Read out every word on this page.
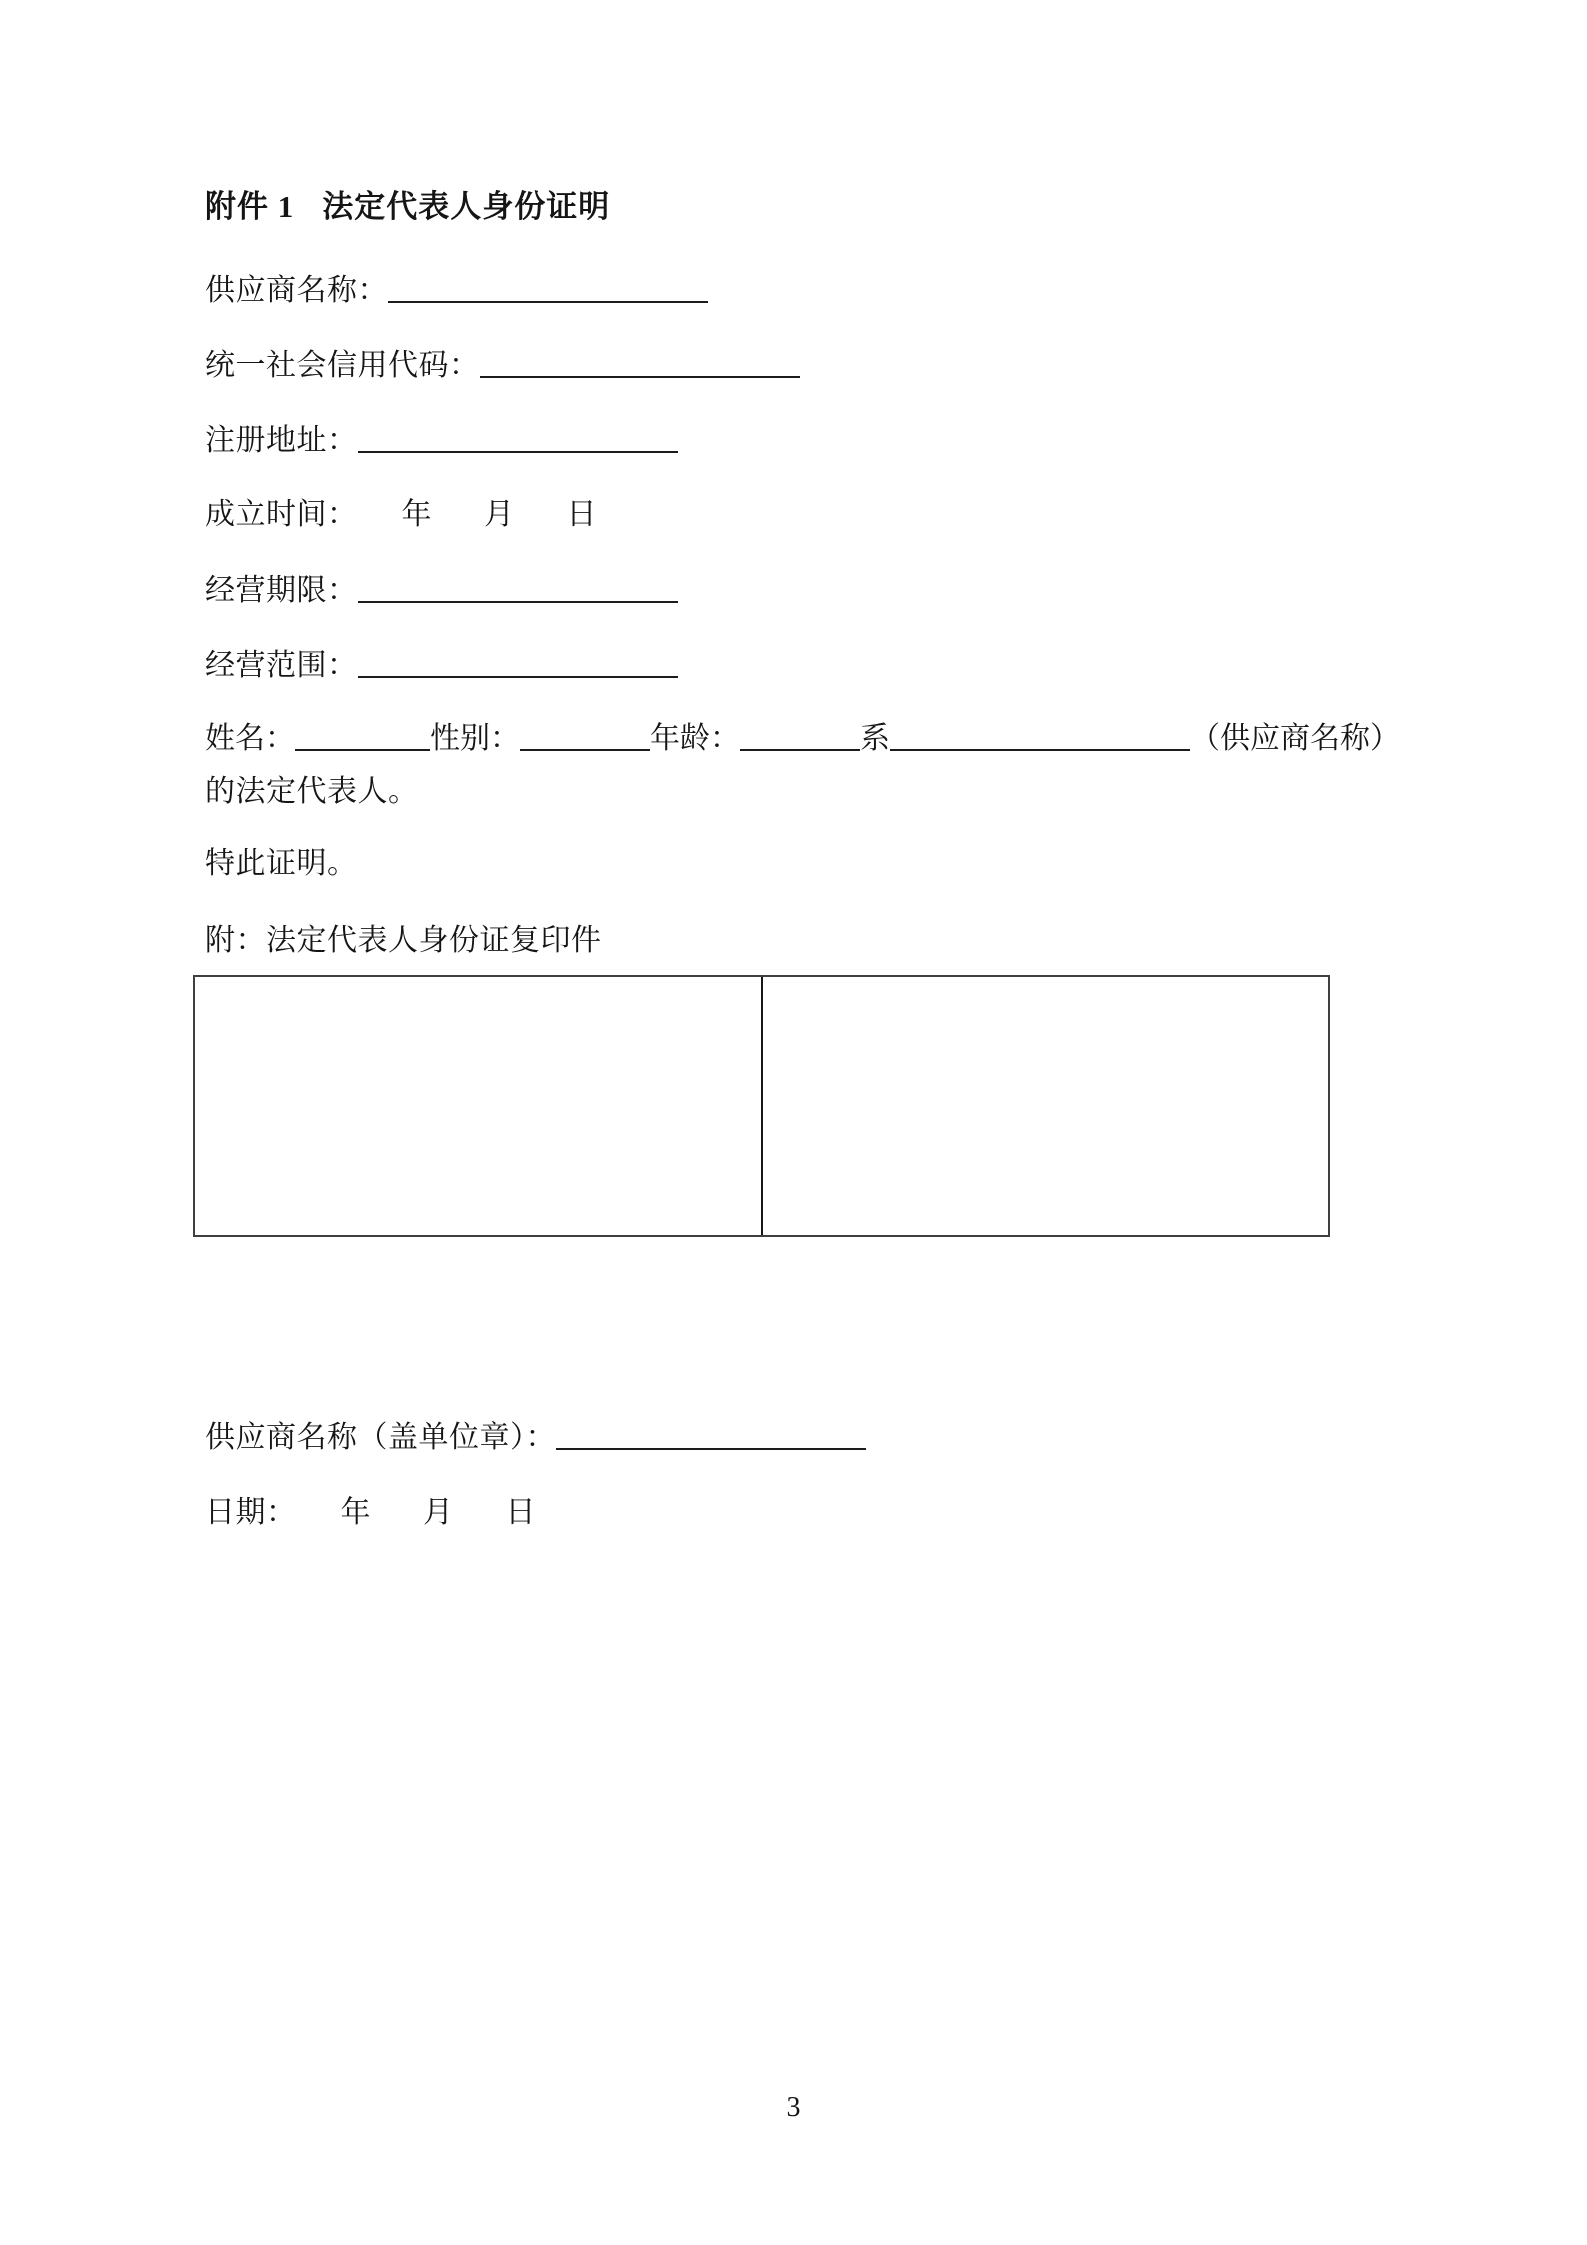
附件 1 法定代表人身份证明
供应商名称：
统一社会信用代码：
注册地址：
成立时间： 年 月 日
经营期限：
经营范围：
姓名：	性别：	年龄：	系	（供应商名称）
的法定代表人。
特此证明。
附：法定代表人身份证复印件
供应商名称（盖单位章）：
日期： 年 月 日
3
